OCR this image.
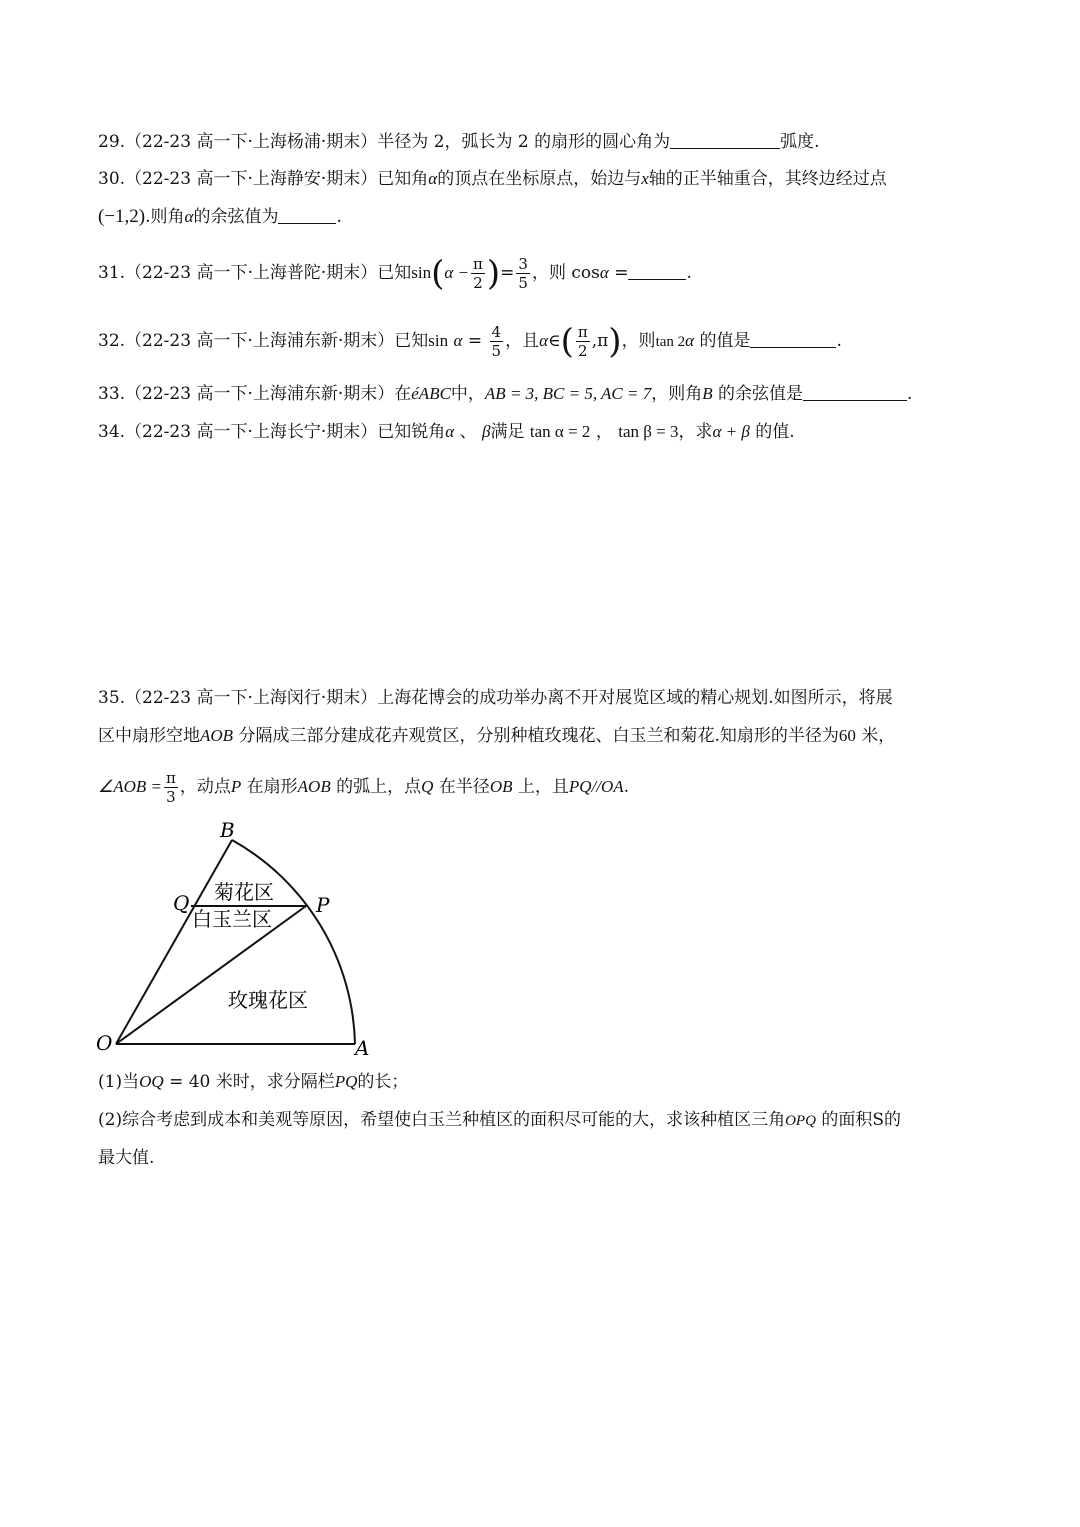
29.（22-23 高一下·上海杨浦·期末）半径为 2，弧长为 2 的扇形的圆心角为	弧度.
30.（22-23 高一下·上海静安·期末）已知角α的顶点在坐标原点，始边与x轴的正半轴重合，其终边经过点
(−1,2).则角α的余弦值为	.
31.（22-23 高一下·上海普陀·期末）已知$\sin(\alpha - \frac{\pi}{2}$ )= $\frac{3}{5}$ ，则 cosα =	.
32.（22-23 高一下·上海浦东新·期末）已知$\sin \alpha = \frac{4}{5}$ ，且α∈( $\frac{\pi}{2} ,\pi$)，则tan 2α 的值是	.
33.（22-23 高一下·上海浦东新·期末）在éABC中，AB = 3, BC = 5, AC = 7，则角B 的余弦值是	.
34.（22-23 高一下·上海长宁·期末）已知锐角α 、 β满足 tan α = 2 ， tan β = 3，求α + β 的值.
35.（22-23 高一下·上海闵行·期末）上海花博会的成功举办离不开对展览区域的精心规划.如图所示，将展
区中扇形空地AOB 分隔成三部分建成花卉观赏区，分别种植玫瑰花、白玉兰和菊花.知扇形的半径为60 米，
∠AOB = $\frac{\pi}{3}$ ，动点P 在扇形AOB 的弧上，点Q 在半径OB 上，且PQ//OA.
B
Q	P
O	A
菊花区
白玉兰区
玫瑰花区
(1)当OQ = 40 米时，求分隔栏PQ的长；
(2)综合考虑到成本和美观等原因，希望使白玉兰种植区的面积尽可能的大，求该种植区三角OPQ 的面积S的
最大值.
